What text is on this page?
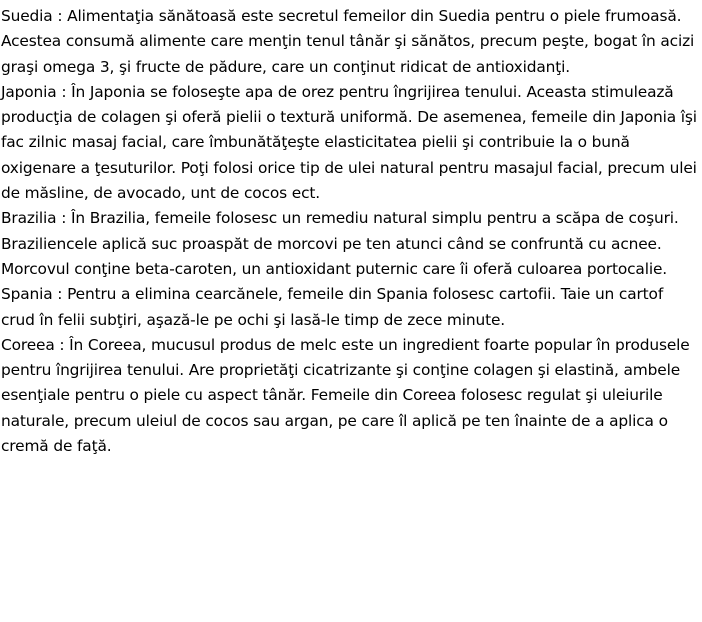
Suedia : Alimentaţia sănătoasă este secretul femeilor din Suedia pentru o piele frumoasă. Acestea consumă alimente care menţin tenul tânăr şi sănătos, precum peşte, bogat în acizi graşi omega 3, şi fructe de pădure, care un conţinut ridicat de antioxidanţi.

Japonia : În Japonia se foloseşte apa de orez pentru îngrijirea tenului. Aceasta stimulează producţia de colagen şi oferă pielii o textură uniformă. De asemenea, femeile din Japonia îşi fac zilnic masaj facial, care îmbunătăţeşte elasticitatea pielii şi contribuie la o bună oxigenare a ţesuturilor. Poţi folosi orice tip de ulei natural pentru masajul facial, precum ulei de măsline, de avocado, unt de cocos ect.

Brazilia : În Brazilia, femeile folosesc un remediu natural simplu pentru a scăpa de coşuri. Braziliencele aplică suc proaspăt de morcovi pe ten atunci când se confruntă cu acnee. Morcovul conţine beta-caroten, un antioxidant puternic care îi oferă culoarea portocalie.

Spania : Pentru a elimina cearcănele, femeile din Spania folosesc cartofii. Taie un cartof crud în felii subţiri, aşază-le pe ochi şi lasă-le timp de zece minute.

Coreea : În Coreea, mucusul produs de melc este un ingredient foarte popular în produsele pentru îngrijirea tenului. Are proprietăţi cicatrizante şi conţine colagen şi elastină, ambele esenţiale pentru o piele cu aspect tânăr. Femeile din Coreea folosesc regulat şi uleiurile naturale, precum uleiul de cocos sau argan, pe care îl aplică pe ten înainte de a aplica o cremă de faţă.
